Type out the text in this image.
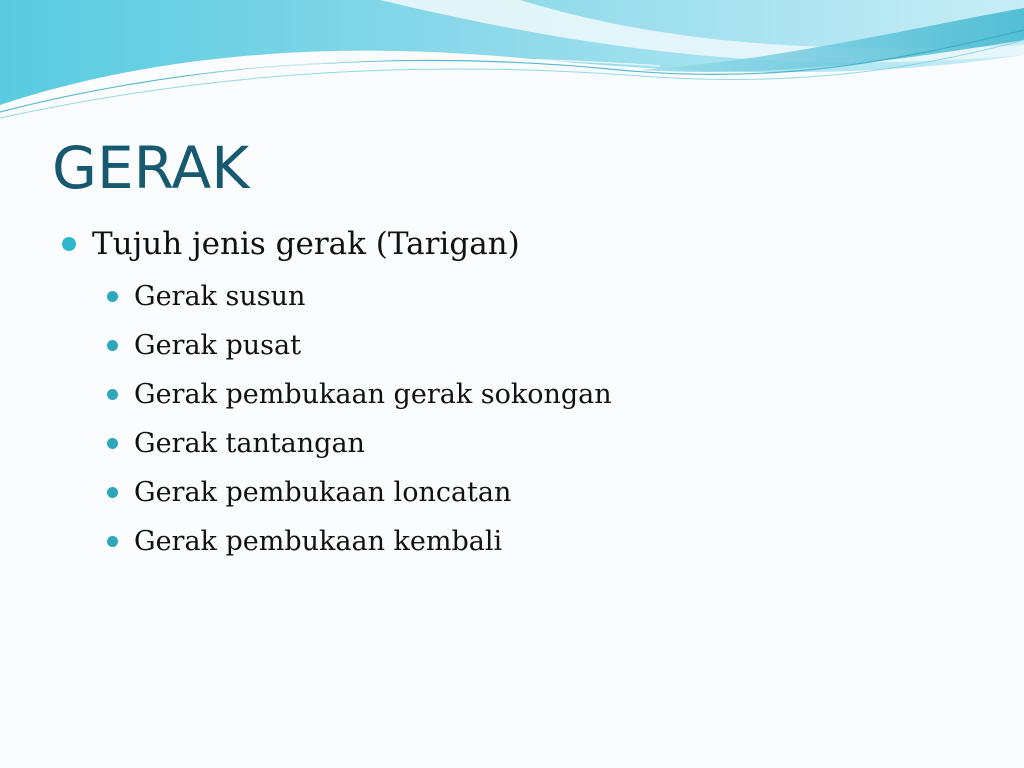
GERAK
Tujuh jenis gerak (Tarigan)
Gerak susun
Gerak pusat
Gerak pembukaan gerak sokongan
Gerak tantangan
Gerak pembukaan loncatan
Gerak pembukaan kembali
